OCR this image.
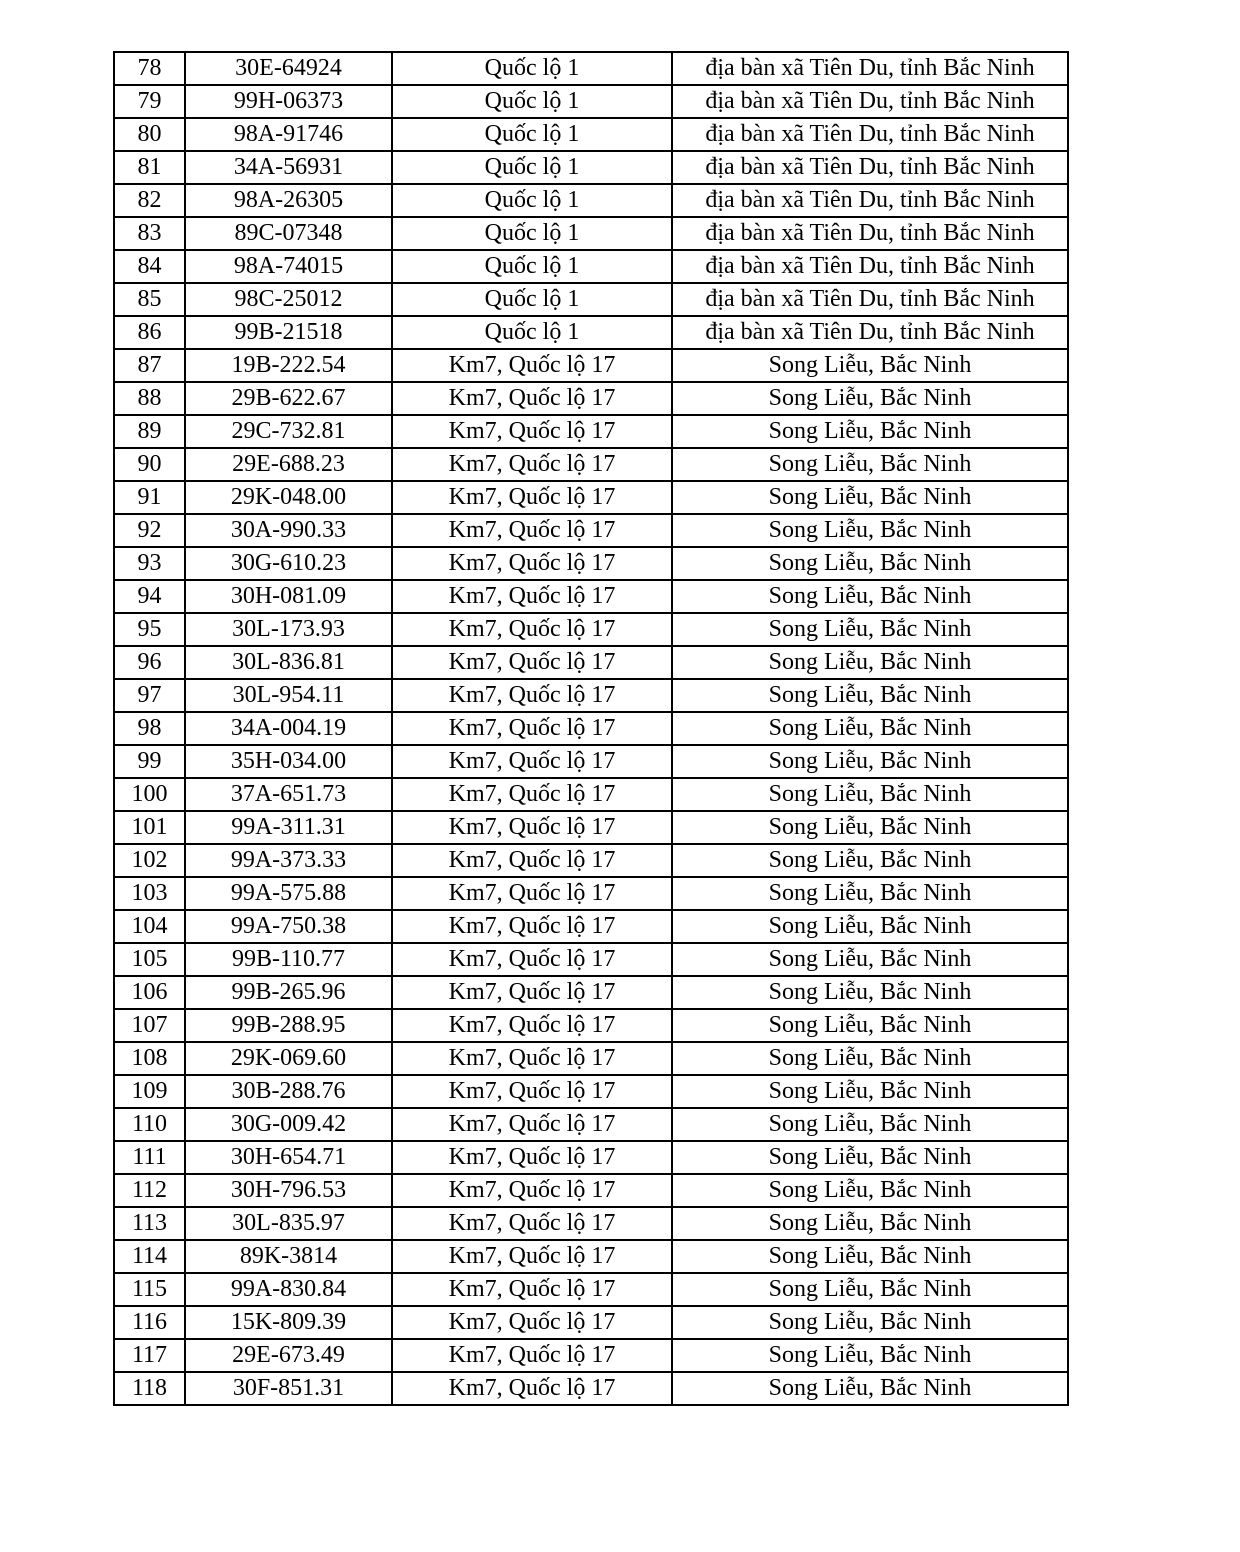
78	30E-64924	Quốc lộ 1	địa bàn xã Tiên Du, tỉnh Bắc Ninh
79	99H-06373	Quốc lộ 1	địa bàn xã Tiên Du, tỉnh Bắc Ninh
80	98A-91746	Quốc lộ 1	địa bàn xã Tiên Du, tỉnh Bắc Ninh
81	34A-56931	Quốc lộ 1	địa bàn xã Tiên Du, tỉnh Bắc Ninh
82	98A-26305	Quốc lộ 1	địa bàn xã Tiên Du, tỉnh Bắc Ninh
83	89C-07348	Quốc lộ 1	địa bàn xã Tiên Du, tỉnh Bắc Ninh
84	98A-74015	Quốc lộ 1	địa bàn xã Tiên Du, tỉnh Bắc Ninh
85	98C-25012	Quốc lộ 1	địa bàn xã Tiên Du, tỉnh Bắc Ninh
86	99B-21518	Quốc lộ 1	địa bàn xã Tiên Du, tỉnh Bắc Ninh
87	19B-222.54	Km7, Quốc lộ 17	Song Liễu, Bắc Ninh
88	29B-622.67	Km7, Quốc lộ 17	Song Liễu, Bắc Ninh
89	29C-732.81	Km7, Quốc lộ 17	Song Liễu, Bắc Ninh
90	29E-688.23	Km7, Quốc lộ 17	Song Liễu, Bắc Ninh
91	29K-048.00	Km7, Quốc lộ 17	Song Liễu, Bắc Ninh
92	30A-990.33	Km7, Quốc lộ 17	Song Liễu, Bắc Ninh
93	30G-610.23	Km7, Quốc lộ 17	Song Liễu, Bắc Ninh
94	30H-081.09	Km7, Quốc lộ 17	Song Liễu, Bắc Ninh
95	30L-173.93	Km7, Quốc lộ 17	Song Liễu, Bắc Ninh
96	30L-836.81	Km7, Quốc lộ 17	Song Liễu, Bắc Ninh
97	30L-954.11	Km7, Quốc lộ 17	Song Liễu, Bắc Ninh
98	34A-004.19	Km7, Quốc lộ 17	Song Liễu, Bắc Ninh
99	35H-034.00	Km7, Quốc lộ 17	Song Liễu, Bắc Ninh
100	37A-651.73	Km7, Quốc lộ 17	Song Liễu, Bắc Ninh
101	99A-311.31	Km7, Quốc lộ 17	Song Liễu, Bắc Ninh
102	99A-373.33	Km7, Quốc lộ 17	Song Liễu, Bắc Ninh
103	99A-575.88	Km7, Quốc lộ 17	Song Liễu, Bắc Ninh
104	99A-750.38	Km7, Quốc lộ 17	Song Liễu, Bắc Ninh
105	99B-110.77	Km7, Quốc lộ 17	Song Liễu, Bắc Ninh
106	99B-265.96	Km7, Quốc lộ 17	Song Liễu, Bắc Ninh
107	99B-288.95	Km7, Quốc lộ 17	Song Liễu, Bắc Ninh
108	29K-069.60	Km7, Quốc lộ 17	Song Liễu, Bắc Ninh
109	30B-288.76	Km7, Quốc lộ 17	Song Liễu, Bắc Ninh
110	30G-009.42	Km7, Quốc lộ 17	Song Liễu, Bắc Ninh
111	30H-654.71	Km7, Quốc lộ 17	Song Liễu, Bắc Ninh
112	30H-796.53	Km7, Quốc lộ 17	Song Liễu, Bắc Ninh
113	30L-835.97	Km7, Quốc lộ 17	Song Liễu, Bắc Ninh
114	89K-3814	Km7, Quốc lộ 17	Song Liễu, Bắc Ninh
115	99A-830.84	Km7, Quốc lộ 17	Song Liễu, Bắc Ninh
116	15K-809.39	Km7, Quốc lộ 17	Song Liễu, Bắc Ninh
117	29E-673.49	Km7, Quốc lộ 17	Song Liễu, Bắc Ninh
118	30F-851.31	Km7, Quốc lộ 17	Song Liễu, Bắc Ninh
